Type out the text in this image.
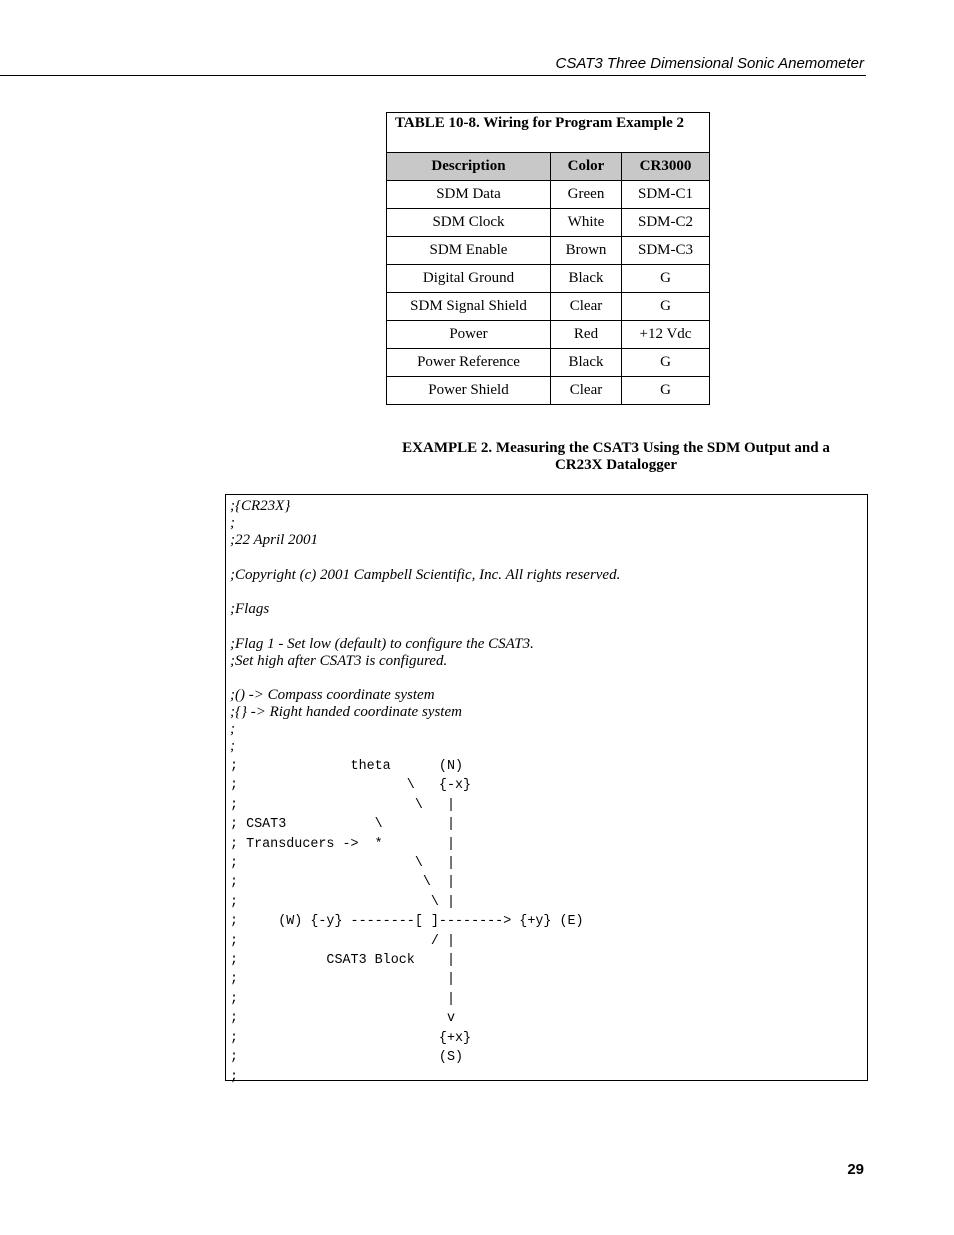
CSAT3 Three Dimensional Sonic Anemometer
TABLE 10-8. Wiring for Program Example 2		
Description	Color	CR3000
SDM Data	Green	SDM-C1
SDM Clock	White	SDM-C2
SDM Enable	Brown	SDM-C3
Digital Ground	Black	G
SDM Signal Shield	Clear	G
Power	Red	+12 Vdc
Power Reference	Black	G
Power Shield	Clear	G
EXAMPLE 2. Measuring the CSAT3 Using the SDM Output and a
CR23X Datalogger
;{CR23X}
;
;22 April 2001
;Copyright (c) 2001 Campbell Scientific, Inc. All rights reserved.
;Flags
;Flag 1 - Set low (default) to configure the CSAT3.
;Set high after CSAT3 is configured.
;() -> Compass coordinate system
;{} -> Right handed coordinate system
;
;
;              theta      (N)
;                     \   {-x}
;                      \   |
; CSAT3           \        |
; Transducers ->  *        |
;                      \   |
;                       \  |
;                        \ |
;     (W) {-y} --------[ ]--------> {+y} (E)
;                        / |
;           CSAT3 Block    |
;                          |
;                          |
;                          v
;                         {+x}
;                         (S)
;
29
